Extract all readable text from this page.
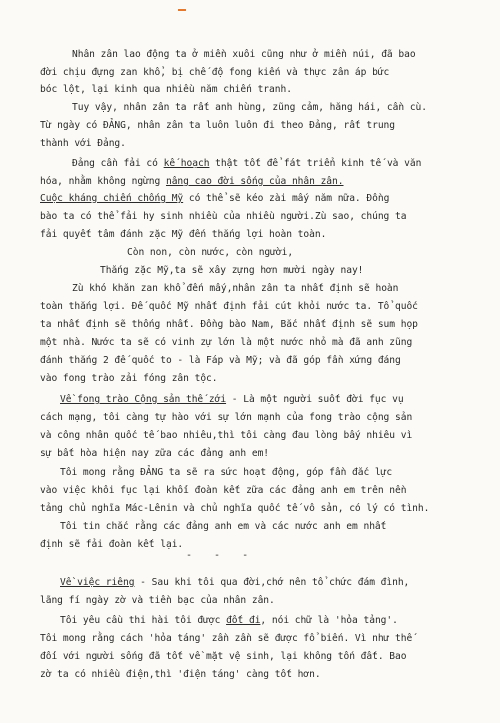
Nhân zân lao động ta ở miền xuôi cũng như ở miền núi, đã bao
đời chịu đựng zan khổ, bị chế độ fong kiến và thực zân áp bức
bóc lột, lại kinh qua nhiều năm chiến tranh.
Tuy vậy, nhân zân ta rất anh hùng, zũng cảm, hăng hái, cần cù.
Từ ngày có ĐẢNG, nhân zân ta luôn luôn đi theo Đảng, rất trung
thành với Đảng.
Đảng cần fải có kế hoạch thật tốt để fát triển kinh tế và văn
hóa, nhằm không ngừng nâng cao đời sống của nhân zân.
Cuộc kháng chiến chống Mỹ có thể sẽ kéo zài mấy năm nữa. Đồng
bào ta có thể fải hy sinh nhiều của nhiều người.Zù sao, chúng ta
fải quyết tâm đánh zặc Mỹ đến thắng lợi hoàn toàn.
Còn non, còn nước, còn người,
Thắng zặc Mỹ,ta sẽ xây zựng hơn mười ngày nay!
Zù khó khăn zan khổ đến mấy,nhân zân ta nhất định sẽ hoàn
toàn thắng lợi. Đế quốc Mỹ nhất định fải cút khỏi nước ta. Tổ quốc
ta nhất định sẽ thống nhất. Đồng bào Nam, Bắc nhất định sẽ sum họp
một nhà. Nước ta sẽ có vinh zự lớn là một nước nhỏ mà đã anh zũng
đánh thắng 2 đế quốc to - là Fáp và Mỹ; và đã góp fần xứng đáng
vào fong trào zải fóng zân tộc.
Về fong trào Cộng sản thế zới - Là một người suốt đời fục vụ
cách mạng, tôi càng tự hào với sự lớn mạnh của fong trào cộng sản
và công nhân quốc tế bao nhiêu,thì tôi càng đau lòng bấy nhiêu vì
sự bất hòa hiện nay zữa các đảng anh em!
Tôi mong rằng ĐẢNG ta sẽ ra sức hoạt động, góp fần đắc lực
vào việc khôi fục lại khối đoàn kết zữa các đảng anh em trên nền
tảng chủ nghĩa Mác-Lênin và chủ nghĩa quốc tế vô sản, có lý có tình.
Tôi tin chắc rằng các đảng anh em và các nước anh em nhất
định sẽ fải đoàn kết lại.
Về việc riêng - Sau khi tôi qua đời,chớ nên tổ chức đám đình,
lãng fí ngày zờ và tiền bạc của nhân zân.
Tôi yêu cầu thi hài tôi được đốt đi, nói chữ là 'hỏa tảng'.
Tôi mong rằng cách 'hỏa táng' zần zần sẽ được fổ biến. Vì như thế
đối với người sống đã tốt về mặt vệ sinh, lại không tốn đất. Bao
zờ ta có nhiều điện,thì 'điện táng' càng tốt hơn.
- - -
